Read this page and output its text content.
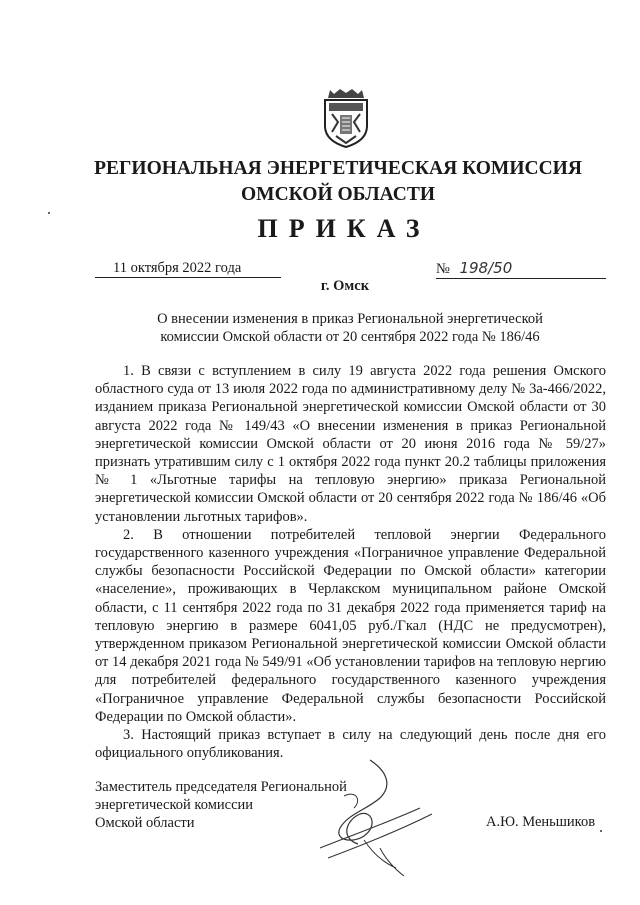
РЕГИОНАЛЬНАЯ ЭНЕРГЕТИЧЕСКАЯ КОМИССИЯ
ОМСКОЙ ОБЛАСТИ
ПРИКАЗ
11 октября 2022 года	№ 198/50
г. Омск
О внесении изменения в приказ Региональной энергетической
комиссии Омской области от 20 сентября 2022 года № 186/46

1. В связи с вступлением в силу 19 августа 2022 года решения Омского областного суда от 13 июля 2022 года по административному делу № 3а-466/2022, изданием приказа Региональной энергетической комиссии Омской области от 30 августа 2022 года № 149/43 «О внесении изменения в приказ Региональной энергетической комиссии Омской области от 20 июня 2016 года № 59/27» признать утратившим силу с 1 октября 2022 года пункт 20.2 таблицы приложения № 1 «Льготные тарифы на тепловую энергию» приказа Региональной энергетической комиссии Омской области от 20 сентября 2022 года № 186/46 «Об установлении льготных тарифов».

2. В отношении потребителей тепловой энергии Федерального государственного казенного учреждения «Пограничное управление Федеральной службы безопасности Российской Федерации по Омской области» категории «население», проживающих в Черлакском муниципальном районе Омской области, с 11 сентября 2022 года по 31 декабря 2022 года применяется тариф на тепловую энергию в размере 6041,05 руб./Гкал (НДС не предусмотрен), утвержденном приказом Региональной энергетической комиссии Омской области от 14 декабря 2021 года № 549/91 «Об установлении тарифов на тепловую нергию для потребителей федерального государственного казенного учреждения «Пограничное управление Федеральной службы безопасности Российской Федерации по Омской области».

3. Настоящий приказ вступает в силу на следующий день после дня его официального опубликования.

Заместитель председателя Региональной
энергетической комиссии
Омской области	А.Ю. Меньшиков
